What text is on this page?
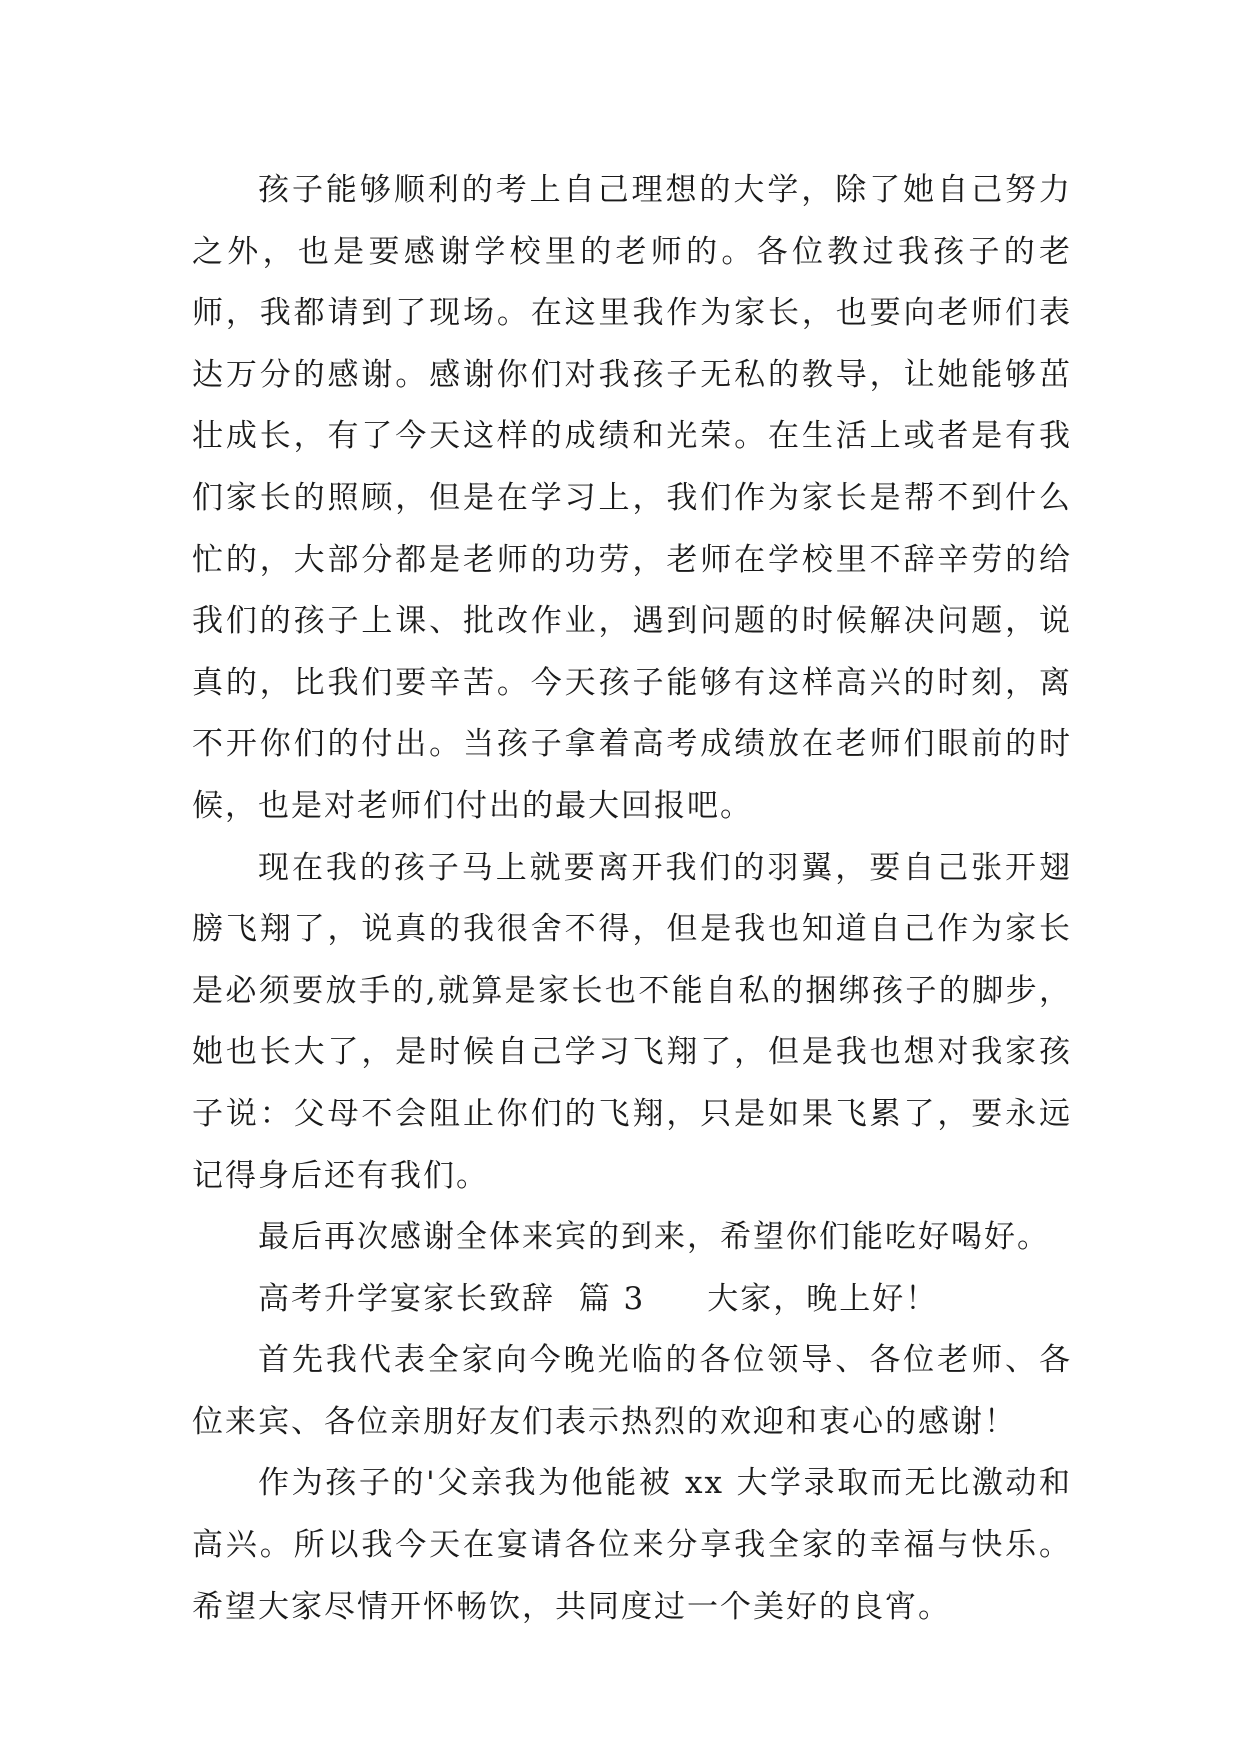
孩子能够顺利的考上自己理想的大学，除了她自己努力之外，也是要感谢学校里的老师的。各位教过我孩子的老师，我都请到了现场。在这里我作为家长，也要向老师们表达万分的感谢。感谢你们对我孩子无私的教导，让她能够茁壮成长，有了今天这样的成绩和光荣。在生活上或者是有我们家长的照顾，但是在学习上，我们作为家长是帮不到什么忙的，大部分都是老师的功劳，老师在学校里不辞辛劳的给我们的孩子上课、批改作业，遇到问题的时候解决问题，说真的，比我们要辛苦。今天孩子能够有这样高兴的时刻，离不开你们的付出。当孩子拿着高考成绩放在老师们眼前的时候，也是对老师们付出的最大回报吧。

现在我的孩子马上就要离开我们的羽翼，要自己张开翅膀飞翔了，说真的我很舍不得，但是我也知道自己作为家长是必须要放手的,就算是家长也不能自私的捆绑孩子的脚步，她也长大了，是时候自己学习飞翔了，但是我也想对我家孩子说：父母不会阻止你们的飞翔，只是如果飞累了，要永远记得身后还有我们。

最后再次感谢全体来宾的到来，希望你们能吃好喝好。

高考升学宴家长致辞  篇 3 大家，晚上好！

首先我代表全家向今晚光临的各位领导、各位老师、各位来宾、各位亲朋好友们表示热烈的欢迎和衷心的感谢！

作为孩子的'父亲我为他能被 xx 大学录取而无比激动和高兴。所以我今天在宴请各位来分享我全家的幸福与快乐。希望大家尽情开怀畅饮，共同度过一个美好的良宵。
